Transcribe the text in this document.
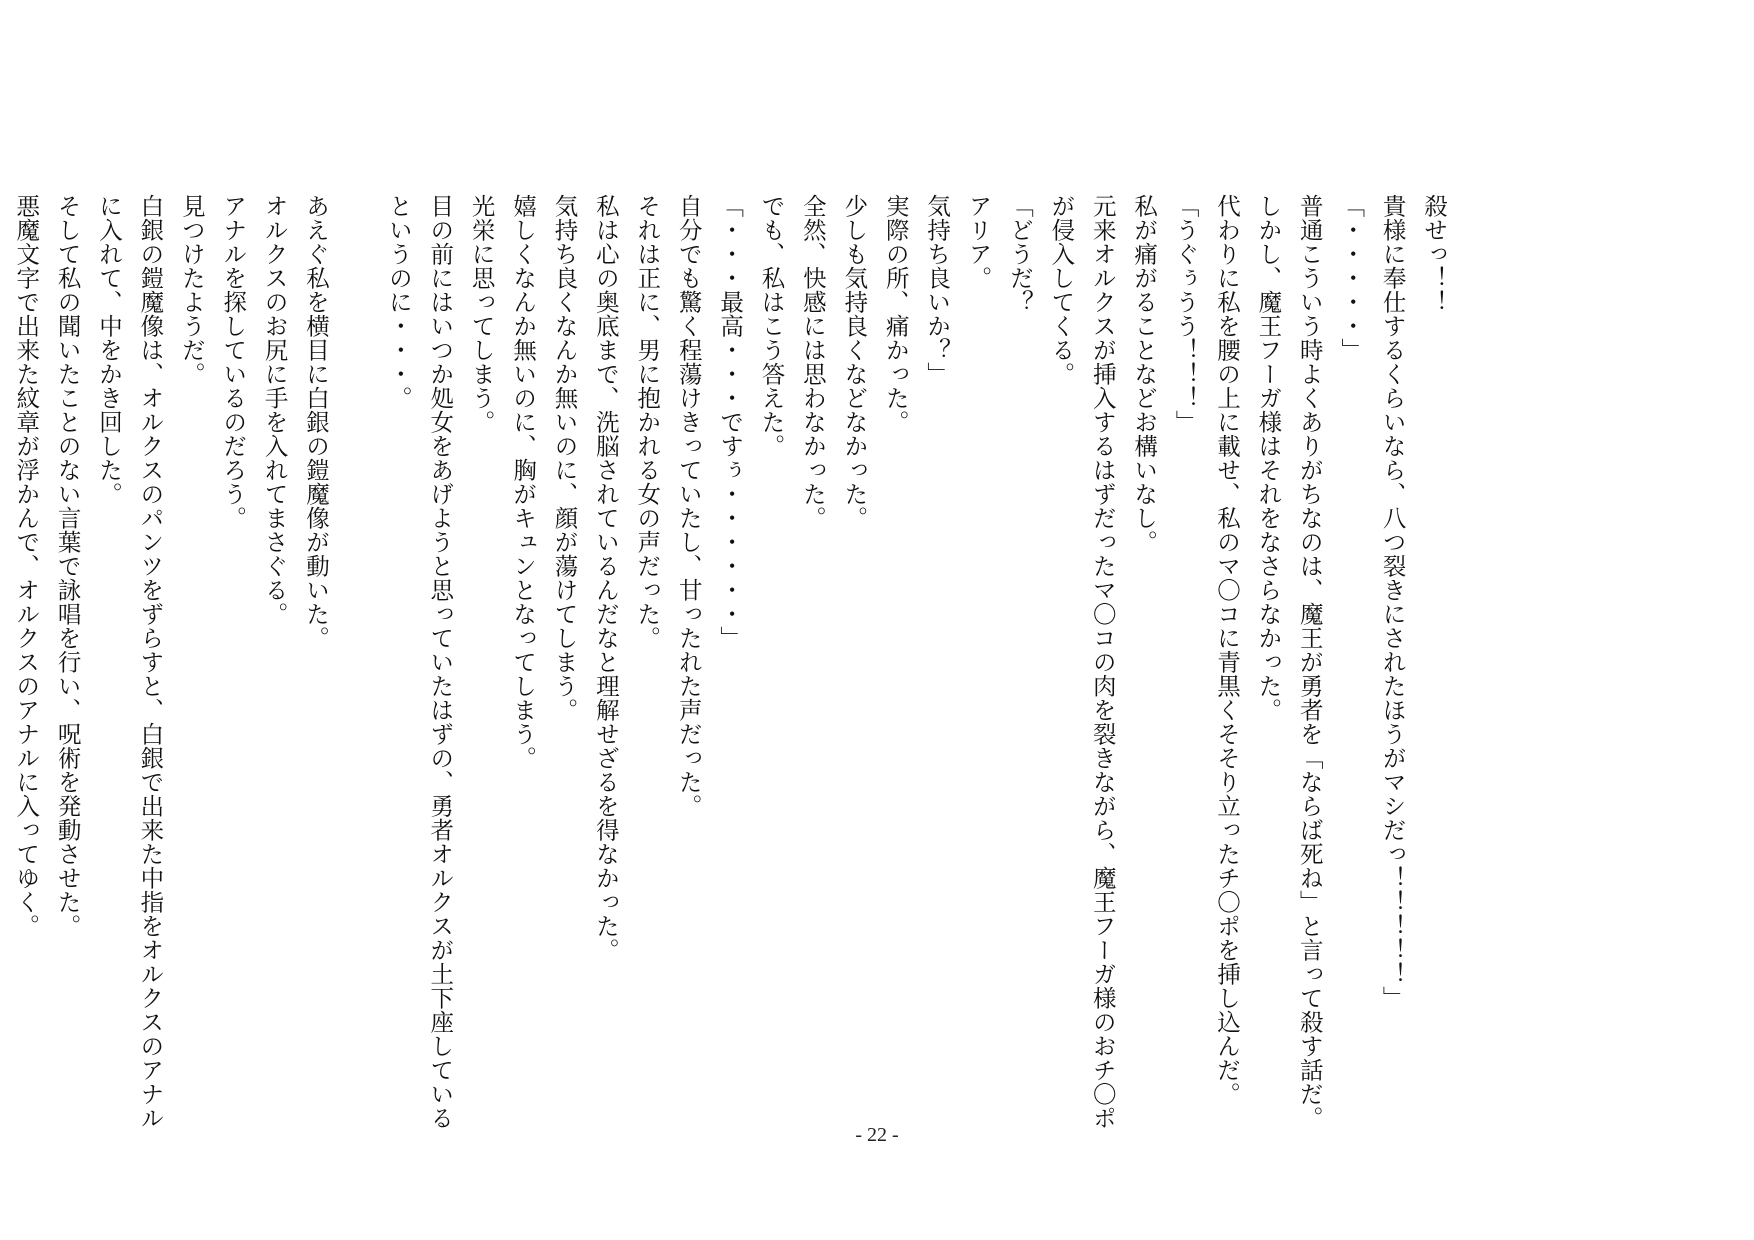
殺せっ！！
貴様に奉仕するくらいなら、八つ裂きにされたほうがマシだっ！！！！！」
「・・・・・」
普通こういう時よくありがちなのは、魔王が勇者を「ならば死ね」と言って殺す話だ。
しかし、魔王フーガ様はそれをなさらなかった。
代わりに私を腰の上に載せ、私のマ〇コに青黒くそそり立ったチ〇ポを挿し込んだ。
「うぐぅうう！！！」
私が痛がることなどお構いなし。
元来オルクスが挿入するはずだったマ〇コの肉を裂きながら、魔王フーガ様のおチ〇ポ
が侵入してくる。
「どうだ？
アリア。
気持ち良いか？」
実際の所、痛かった。
少しも気持良くなどなかった。
全然、快感には思わなかった。
でも、私はこう答えた。
「・・・最高・・・ですぅ・・・・・・」
自分でも驚く程蕩けきっていたし、甘ったれた声だった。
それは正に、男に抱かれる女の声だった。
私は心の奥底まで、洗脳されているんだなと理解せざるを得なかった。
気持ち良くなんか無いのに、顔が蕩けてしまう。
嬉しくなんか無いのに、胸がキュンとなってしまう。
光栄に思ってしまう。
目の前にはいつか処女をあげようと思っていたはずの、勇者オルクスが土下座している
というのに・・・。

あえぐ私を横目に白銀の鎧魔像が動いた。
オルクスのお尻に手を入れてまさぐる。
アナルを探しているのだろう。
見つけたようだ。
白銀の鎧魔像は、オルクスのパンツをずらすと、白銀で出来た中指をオルクスのアナル
に入れて、中をかき回した。
そして私の聞いたことのない言葉で詠唱を行い、呪術を発動させた。
悪魔文字で出来た紋章が浮かんで、オルクスのアナルに入ってゆく。
- 22 -
